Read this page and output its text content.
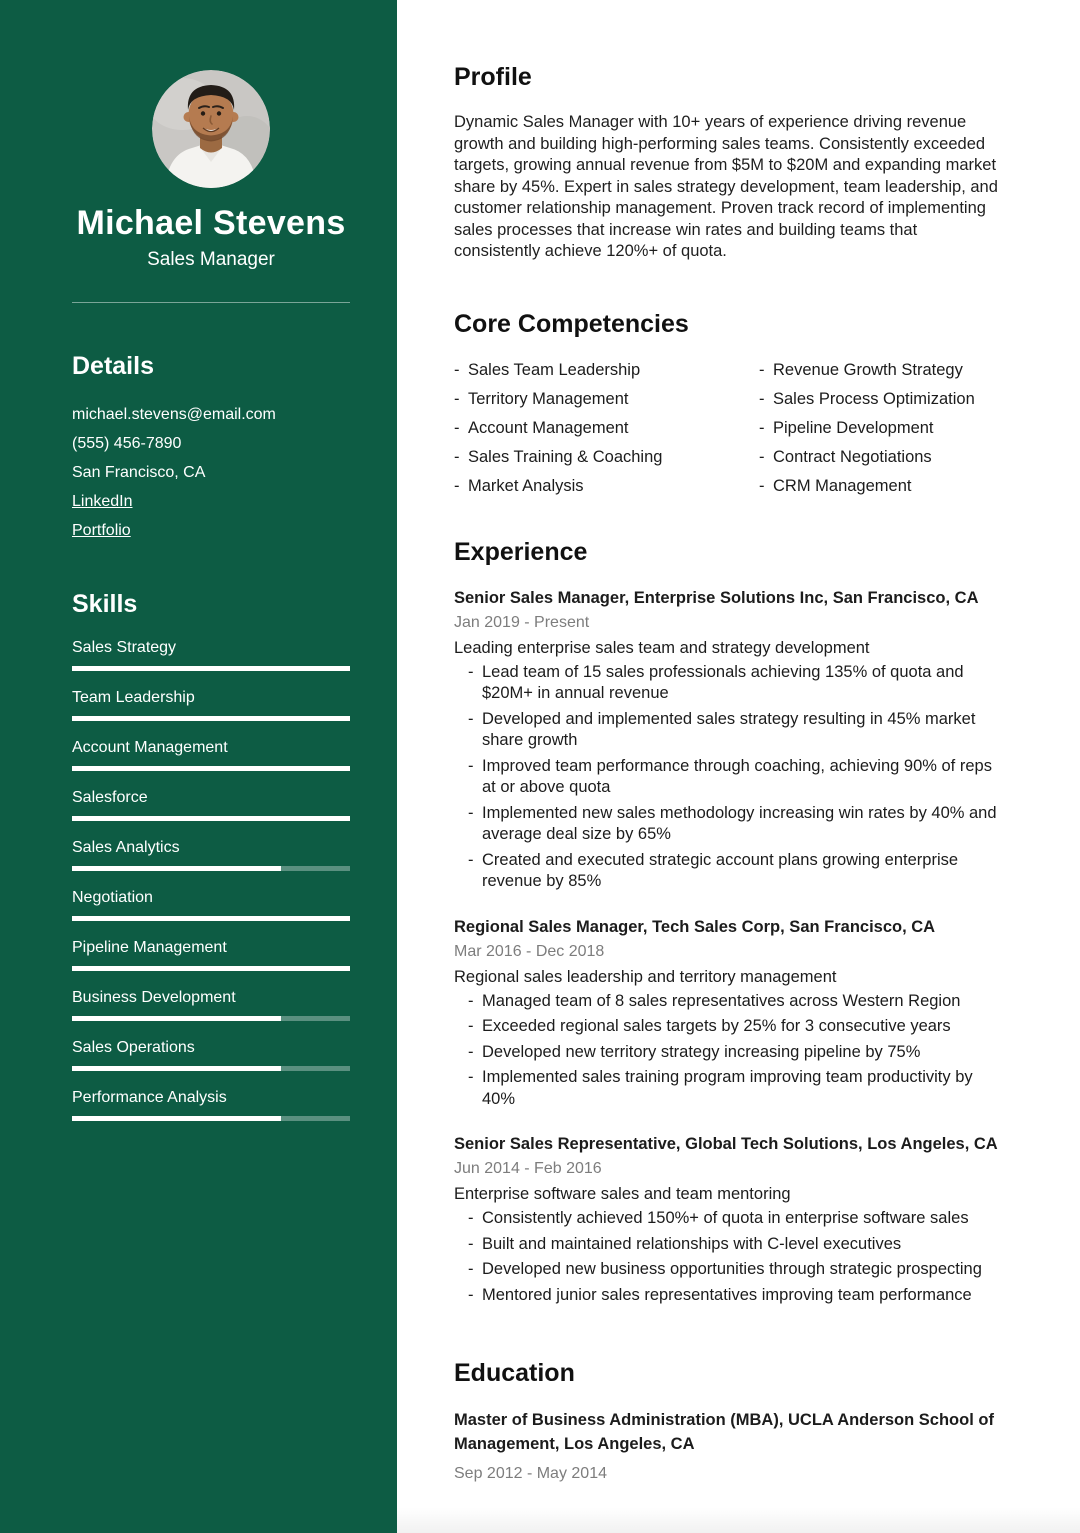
Michael Stevens
Sales Manager
Details
michael.stevens@email.com
(555) 456-7890
San Francisco, CA
LinkedIn
Portfolio
Skills
Sales Strategy
Team Leadership
Account Management
Salesforce
Sales Analytics
Negotiation
Pipeline Management
Business Development
Sales Operations
Performance Analysis
Profile

Dynamic Sales Manager with 10+ years of experience driving revenue growth and building high-performing sales teams. Consistently exceeded targets, growing annual revenue from $5M to $20M and expanding market share by 45%. Expert in sales strategy development, team leadership, and customer relationship management. Proven track record of implementing sales processes that increase win rates and building teams that consistently achieve 120%+ of quota.

Core Competencies
- Sales Team Leadership
- Territory Management
- Account Management
- Sales Training & Coaching
- Market Analysis
- Revenue Growth Strategy
- Sales Process Optimization
- Pipeline Development
- Contract Negotiations
- CRM Management
Experience
Senior Sales Manager, Enterprise Solutions Inc, San Francisco, CA
Jan 2019 - Present
Leading enterprise sales team and strategy development
- Lead team of 15 sales professionals achieving 135% of quota and $20M+ in annual revenue
- Developed and implemented sales strategy resulting in 45% market share growth
- Improved team performance through coaching, achieving 90% of reps at or above quota
- Implemented new sales methodology increasing win rates by 40% and average deal size by 65%
- Created and executed strategic account plans growing enterprise revenue by 85%
Regional Sales Manager, Tech Sales Corp, San Francisco, CA
Mar 2016 - Dec 2018
Regional sales leadership and territory management
- Managed team of 8 sales representatives across Western Region
- Exceeded regional sales targets by 25% for 3 consecutive years
- Developed new territory strategy increasing pipeline by 75%
- Implemented sales training program improving team productivity by 40%
Senior Sales Representative, Global Tech Solutions, Los Angeles, CA
Jun 2014 - Feb 2016
Enterprise software sales and team mentoring
- Consistently achieved 150%+ of quota in enterprise software sales
- Built and maintained relationships with C-level executives
- Developed new business opportunities through strategic prospecting
- Mentored junior sales representatives improving team performance
Education
Master of Business Administration (MBA), UCLA Anderson School of Management, Los Angeles, CA
Sep 2012 - May 2014
